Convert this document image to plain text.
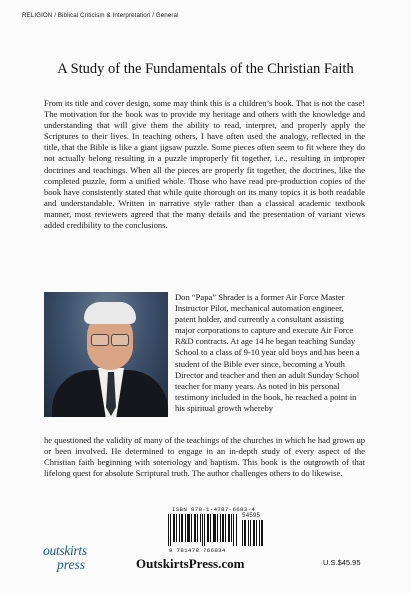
RELIGION / Biblical Criticism & Interpretation / General
A Study of the Fundamentals of the Christian Faith

From its title and cover design, some may think this is a children’s book. That is not the case! The motivation for the book was to provide my heritage and others with the knowledge and understanding that will give them the ability to read, interpret, and properly apply the Scriptures to their lives. In teaching others, I have often used the analogy, reflected in the title, that the Bible is like a giant jigsaw puzzle. Some pieces often seem to fit where they do not actually belong resulting in a puzzle improperly fit together, i.e., resulting in improper doctrines and teachings. When all the pieces are properly fit together, the doctrines, like the completed puzzle, form a unified whole. Those who have read pre-production copies of the book have consistently stated that while quite thorough on its many topics it is both readable and understandable. Written in narrative style rather than a classical academic textbook manner, most reviewers agreed that the many details and the presentation of variant views added credibility to the conclusions.

Don “Papa” Shrader is a former Air Force Master Instructor Pilot, mechanical automation engineer, patent holder, and currently a consultant assisting major corporations to capture and execute Air Force R&D contracts. At age 14 he began teaching Sunday School to a class of 9-10 year old boys and has been a student of the Bible ever since, becoming a Youth Director and teacher and then an adult Sunday School teacher for many years. As noted in his personal testimony included in the book, he reached a point in his spiritual growth whereby

he questioned the validity of many of the teachings of the churches in which he had grown up or been involved. He determined to engage in an in-depth study of every aspect of the Christian faith beginning with soteriology and baptism. This book is the outgrowth of that lifelong quest for absolute Scriptural truth. The author challenges others to do likewise.

ISBN 978-1-4787-6683-4
54595
9 781478 766834
outskirts
press	OutskirtsPress.com	U.S.$45.95
